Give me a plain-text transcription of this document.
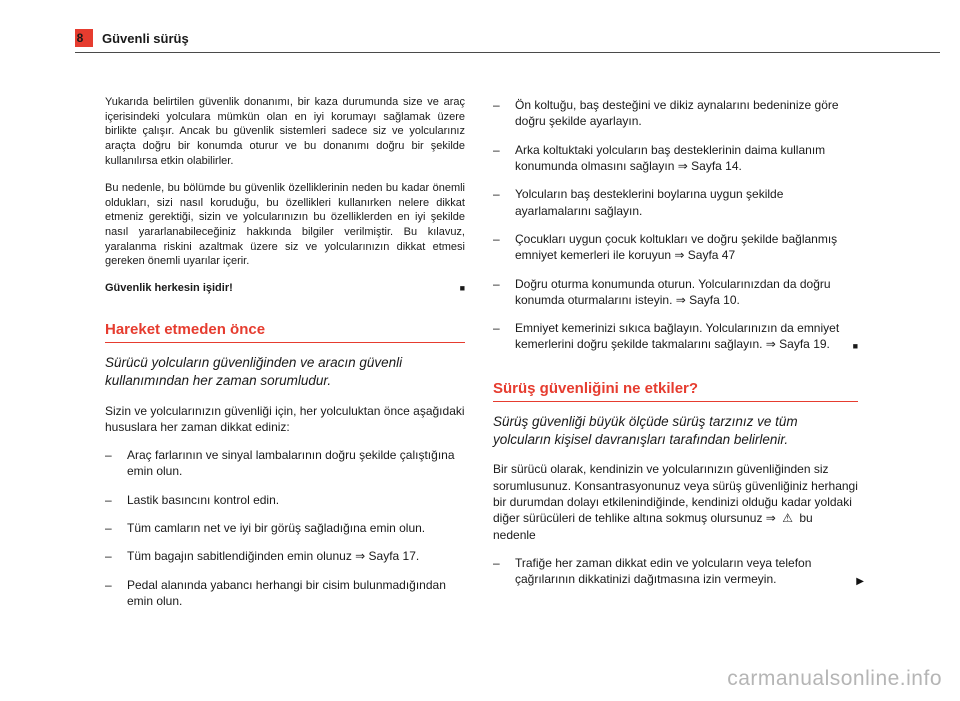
8 Güvenli sürüş

Yukarıda belirtilen güvenlik donanımı, bir kaza durumunda size ve araç içerisindeki yolculara mümkün olan en iyi korumayı sağlamak üzere birlikte çalışır. Ancak bu güvenlik sistemleri sadece siz ve yolcularınız araçta doğru bir konumda oturur ve bu donanımı doğru bir şekilde kullanılırsa etkin olabilirler.

Bu nedenle, bu bölümde bu güvenlik özelliklerinin neden bu kadar önemli oldukları, sizi nasıl koruduğu, bu özellikleri kullanırken nelere dikkat etmeniz gerektiği, sizin ve yolcularınızın bu özelliklerden en iyi şekilde nasıl yararlanabileceğiniz hakkında bilgiler verilmiştir. Bu kılavuz, yaralanma riskini azaltmak üzere siz ve yolcularınızın dikkat etmesi gereken önemli uyarılar içerir.

Güvenlik herkesin işidir!	■
Hareket etmeden önce

Sürücü yolcuların güvenliğinden ve aracın güvenli kullanımından her zaman sorumludur.

Sizin ve yolcularınızın güvenliği için, her yolculuktan önce aşağıdaki hususlara her zaman dikkat ediniz:

–	Araç farlarının ve sinyal lambalarının doğru şekilde çalıştığına emin olun.
–	Lastik basıncını kontrol edin.
–	Tüm camların net ve iyi bir görüş sağladığına emin olun.
–	Tüm bagajın sabitlendiğinden emin olunuz ⇒ Sayfa 17.
–	Pedal alanında yabancı herhangi bir cisim bulunmadığından emin olun.
–	Ön koltuğu, baş desteğini ve dikiz aynalarını bedeninize göre doğru şekilde ayarlayın.
–	Arka koltuktaki yolcuların baş desteklerinin daima kullanım konumunda olmasını sağlayın ⇒ Sayfa 14.
–	Yolcuların baş desteklerini boylarına uygun şekilde ayarlamalarını sağlayın.
–	Çocukları uygun çocuk koltukları ve doğru şekilde bağlanmış emniyet kemerleri ile koruyun ⇒ Sayfa 47
–	Doğru oturma konumunda oturun. Yolcularınızdan da doğru konumda oturmalarını isteyin. ⇒ Sayfa 10.
–	Emniyet kemerinizi sıkıca bağlayın. Yolcularınızın da emniyet kemerlerini doğru şekilde takmalarını sağlayın. ⇒ Sayfa 19.	■
Sürüş güvenliğini ne etkiler?

Sürüş güvenliği büyük ölçüde sürüş tarzınız ve tüm yolcuların kişisel davranışları tarafından belirlenir.

Bir sürücü olarak, kendinizin ve yolcularınızın güvenliğinden siz sorumlusunuz. Konsantrasyonunuz veya sürüş güvenliğiniz herhangi bir durumdan dolayı etkilenindiğinde, kendinizi olduğu kadar yoldaki diğer sürücüleri de tehlike altına sokmuş olursunuz ⇒ ⚠ bu nedenle

–	Trafiğe her zaman dikkat edin ve yolcuların veya telefon çağrılarının dikkatinizi dağıtmasına izin vermeyin.	▶
carmanualsonline.info
